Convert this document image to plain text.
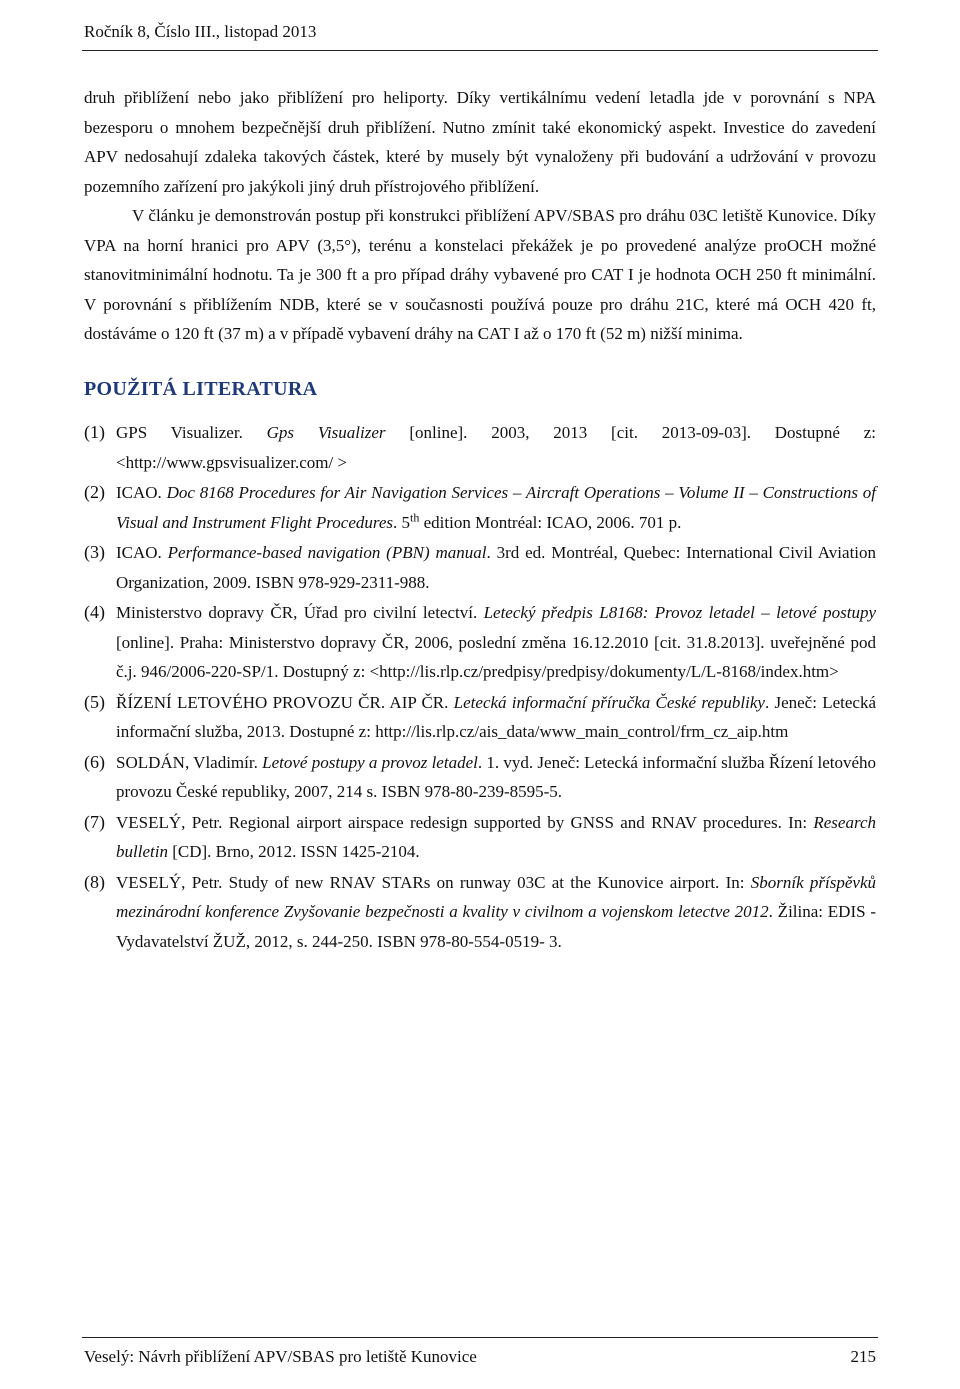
Ročník 8, Číslo III., listopad 2013

druh přiblížení nebo jako přiblížení pro heliporty. Díky vertikálnímu vedení letadla jde v porovnání s NPA bezesporu o mnohem bezpečnější druh přiblížení. Nutno zmínit také ekonomický aspekt. Investice do zavedení APV nedosahují zdaleka takových částek, které by musely být vynaloženy při budování a udržování v provozu pozemního zařízení pro jakýkoli jiný druh přístrojového přiblížení.

V článku je demonstrován postup při konstrukci přiblížení APV/SBAS pro dráhu 03C letiště Kunovice. Díky VPA na horní hranici pro APV (3,5°), terénu a konstelaci překážek je po provedené analýze proOCH možné stanovitminimální hodnotu. Ta je 300 ft a pro případ dráhy vybavené pro CAT I je hodnota OCH 250 ft minimální. V porovnání s přiblížením NDB, které se v současnosti používá pouze pro dráhu 21C, které má OCH 420 ft, dostáváme o 120 ft (37 m) a v případě vybavení dráhy na CAT I až o 170 ft (52 m) nižší minima.

POUŽITÁ LITERATURA
(1) GPS Visualizer. Gps Visualizer [online]. 2003, 2013 [cit. 2013-09-03]. Dostupné z: <http://www.gpsvisualizer.com/ >
(2) ICAO. Doc 8168 Procedures for Air Navigation Services – Aircraft Operations – Volume II – Constructions of Visual and Instrument Flight Procedures. 5th edition Montréal: ICAO, 2006. 701 p.
(3) ICAO. Performance-based navigation (PBN) manual. 3rd ed. Montréal, Quebec: International Civil Aviation Organization, 2009. ISBN 978-929-2311-988.
(4) Ministerstvo dopravy ČR, Úřad pro civilní letectví. Letecký předpis L8168: Provoz letadel – letové postupy [online]. Praha: Ministerstvo dopravy ČR, 2006, poslední změna 16.12.2010 [cit. 31.8.2013]. uveřejněné pod č.j. 946/2006-220-SP/1. Dostupný z: <http://lis.rlp.cz/predpisy/predpisy/dokumenty/L/L-8168/index.htm>
(5) ŘÍZENÍ LETOVÉHO PROVOZU ČR. AIP ČR. Letecká informační příručka České republiky. Jeneč: Letecká informační služba, 2013. Dostupné z: http://lis.rlp.cz/ais_data/www_main_control/frm_cz_aip.htm
(6) SOLDÁN, Vladimír. Letové postupy a provoz letadel. 1. vyd. Jeneč: Letecká informační služba Řízení letového provozu České republiky, 2007, 214 s. ISBN 978-80-239-8595-5.
(7) VESELÝ, Petr. Regional airport airspace redesign supported by GNSS and RNAV procedures. In: Research bulletin [CD]. Brno, 2012. ISSN 1425-2104.
(8) VESELÝ, Petr. Study of new RNAV STARs on runway 03C at the Kunovice airport. In: Sborník příspěvků mezinárodní konference Zvyšovanie bezpečnosti a kvality v civilnom a vojenskom letectve 2012. Žilina: EDIS - Vydavatelství ŽUŽ, 2012, s. 244-250. ISBN 978-80-554-0519- 3.
Veselý: Návrh přiblížení APV/SBAS pro letiště Kunovice	215
